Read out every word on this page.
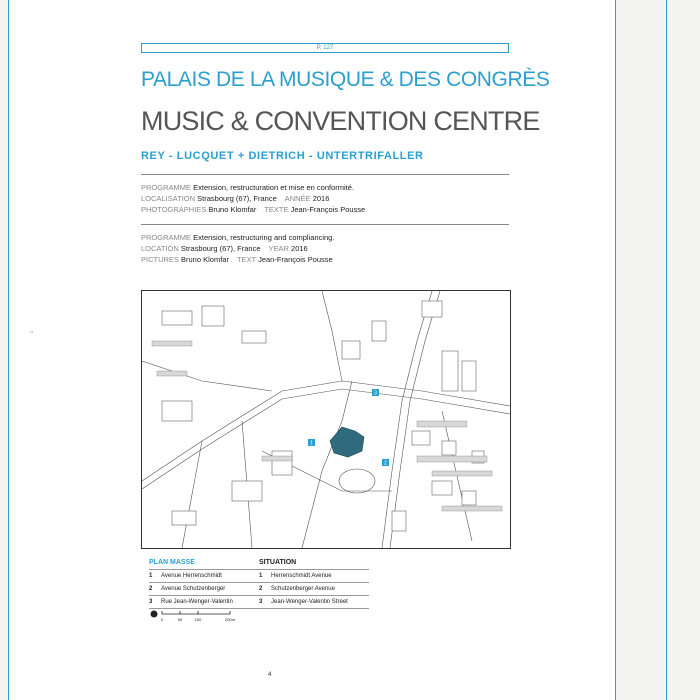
ᵕ
P. 127
PALAIS DE LA MUSIQUE & DES CONGRÈS
MUSIC & CONVENTION CENTRE
REY - LUCQUET + DIETRICH - UNTERTRIFALLER
PROGRAMME Extension, restructuration et mise en conformité.
LOCALISATION Strasbourg (67), France ANNÉE 2016
PHOTOGRAPHIES Bruno Klomfar TEXTE Jean-François Pousse
PROGRAMME Extension, restructuring and compliancing.
LOCATION Strasbourg (67), France YEAR 2016
PICTURES Bruno Klomfar TEXT Jean-François Pousse
1
2
3
PLAN MASSE
1	Avenue Herrenschmidt
2	Avenue Schutzenberger
3	Rue Jean-Wenger-Valentin
SITUATION
1	Herrenschmidt Avenue
2	Schutzenberger Avenue
3	Jean-Wenger-Valentin Street
0	50	100	200m
4
